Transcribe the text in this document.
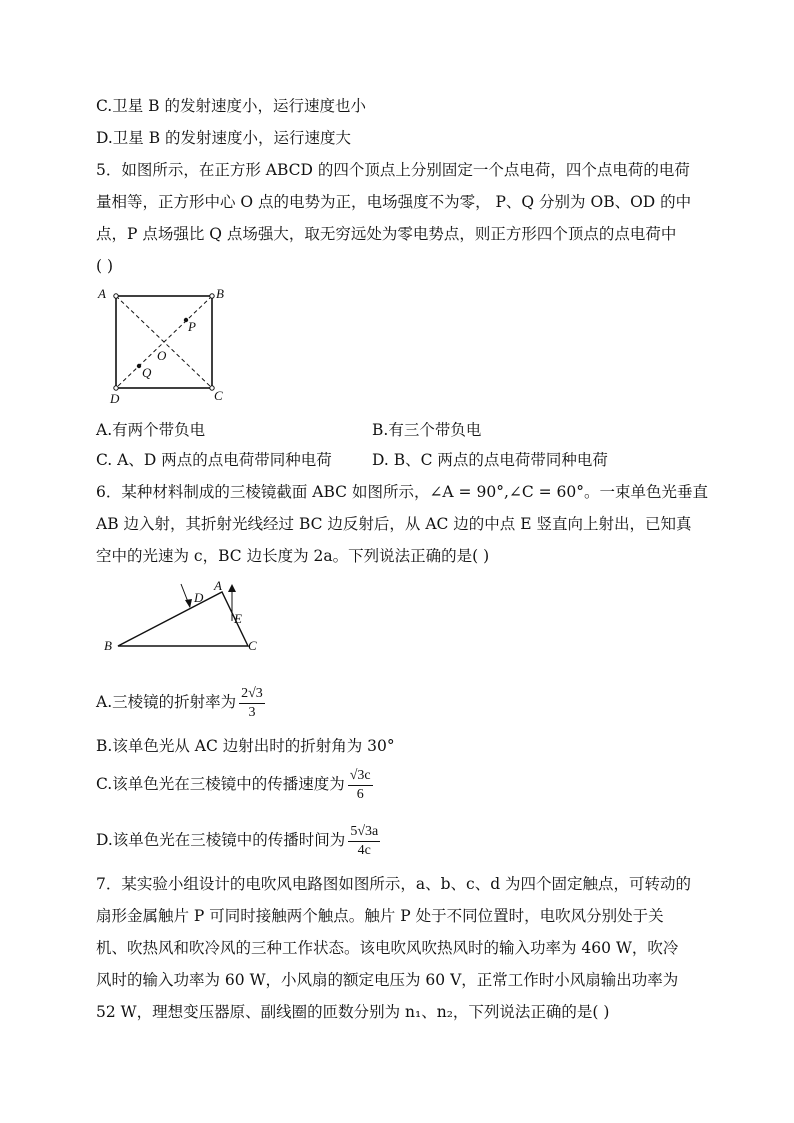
C.卫星 B 的发射速度小，运行速度也小
D.卫星 B 的发射速度小，运行速度大
5．如图所示，在正方形 ABCD 的四个顶点上分别固定一个点电荷，四个点电荷的电荷
量相等，正方形中心 O 点的电势为正，电场强度不为零， P、Q 分别为 OB、OD 的中
点，P 点场强比 Q 点场强大，取无穷远处为零电势点，则正方形四个顶点的点电荷中
( )
A	B
C
D
O
P
Q
A.有两个带负电	B.有三个带负电
C. A、D 两点的点电荷带同种电荷	D. B、C 两点的点电荷带同种电荷
6．某种材料制成的三棱镜截面 ABC 如图所示，∠A = 90°,∠C = 60°。一束单色光垂直
AB 边入射，其折射光线经过 BC 边反射后，从 AC 边的中点 E 竖直向上射出，已知真
空中的光速为 c，BC 边长度为 2a。下列说法正确的是( )
B
A
C
D
E
A.三棱镜的折射率为 $\frac{2√3}{3}$
B.该单色光从 AC 边射出时的折射角为 30°
C.该单色光在三棱镜中的传播速度为 $\frac{√3c}{6}$
D.该单色光在三棱镜中的传播时间为 $\frac{5√3a}{4c}$
7．某实验小组设计的电吹风电路图如图所示，a、b、c、d 为四个固定触点，可转动的
扇形金属触片 P 可同时接触两个触点。触片 P 处于不同位置时，电吹风分别处于关
机、吹热风和吹冷风的三种工作状态。该电吹风吹热风时的输入功率为 460 W，吹冷
风时的输入功率为 60 W，小风扇的额定电压为 60 V，正常工作时小风扇输出功率为
52 W，理想变压器原、副线圈的匝数分别为 n₁、n₂，下列说法正确的是( )
